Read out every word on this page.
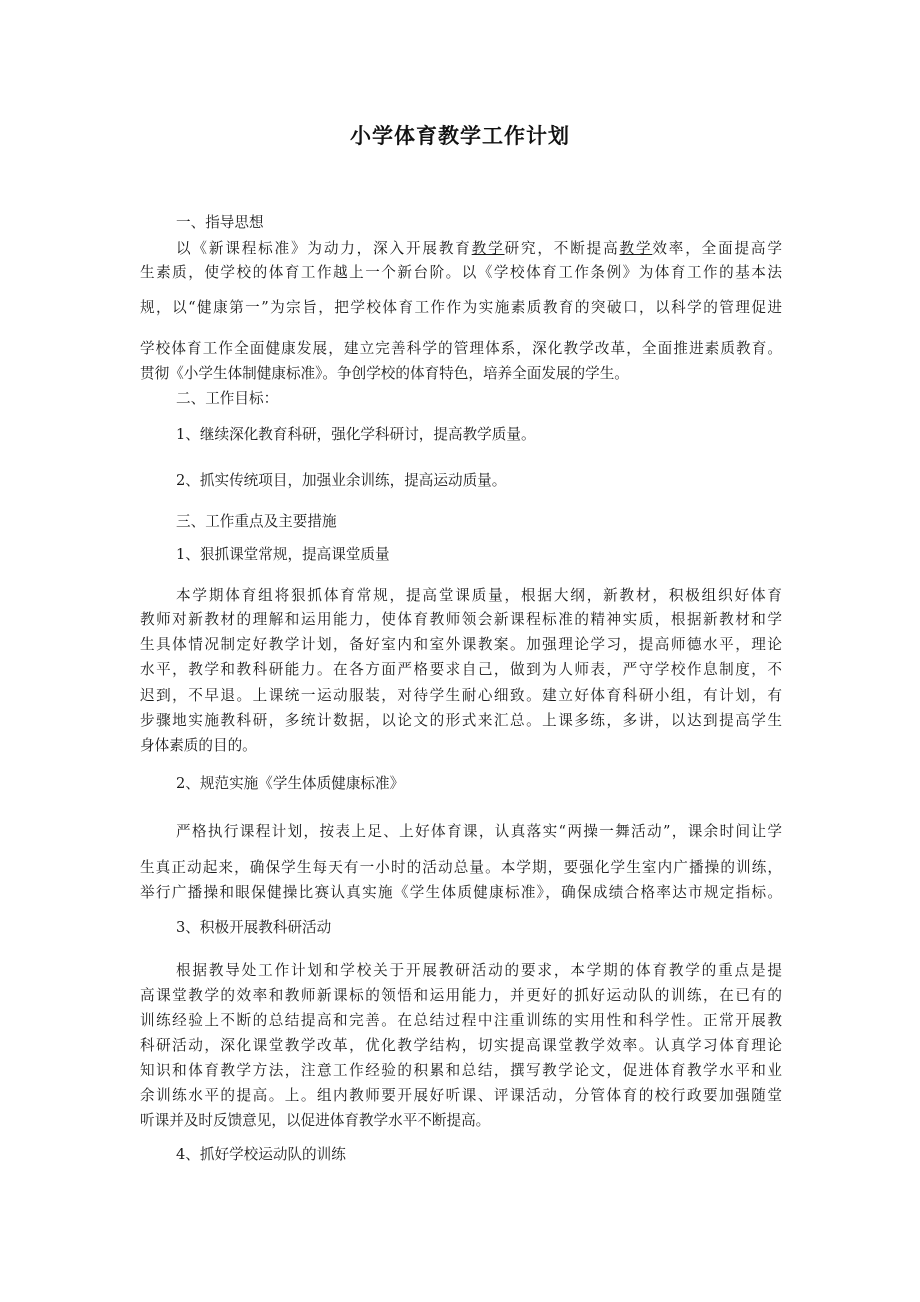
小学体育教学工作计划
一、指导思想
以《新课程标准》为动力，深入开展教育教学研究，不断提高教学效率，全面提高学
生素质，使学校的体育工作越上一个新台阶。以《学校体育工作条例》为体育工作的基本法
规，以“健康第一”为宗旨，把学校体育工作作为实施素质教育的突破口，以科学的管理促进
学校体育工作全面健康发展，建立完善科学的管理体系，深化教学改革，全面推进素质教育。
贯彻《小学生体制健康标准》。争创学校的体育特色，培养全面发展的学生。
二、工作目标：
1、继续深化教育科研，强化学科研讨，提高教学质量。
2、抓实传统项目，加强业余训练，提高运动质量。
三、工作重点及主要措施
1、狠抓课堂常规，提高课堂质量
本学期体育组将狠抓体育常规，提高堂课质量，根据大纲，新教材，积极组织好体育
教师对新教材的理解和运用能力，使体育教师领会新课程标准的精神实质，根据新教材和学
生具体情况制定好教学计划，备好室内和室外课教案。加强理论学习，提高师德水平，理论
水平，教学和教科研能力。在各方面严格要求自己，做到为人师表，严守学校作息制度，不
迟到，不早退。上课统一运动服装，对待学生耐心细致。建立好体育科研小组，有计划，有
步骤地实施教科研，多统计数据，以论文的形式来汇总。上课多练，多讲，以达到提高学生
身体素质的目的。
2、规范实施《学生体质健康标准》
严格执行课程计划，按表上足、上好体育课，认真落实“两操一舞活动”，课余时间让学
生真正动起来，确保学生每天有一小时的活动总量。本学期，要强化学生室内广播操的训练，
举行广播操和眼保健操比赛认真实施《学生体质健康标准》，确保成绩合格率达市规定指标。
3、积极开展教科研活动
根据教导处工作计划和学校关于开展教研活动的要求，本学期的体育教学的重点是提
高课堂教学的效率和教师新课标的领悟和运用能力，并更好的抓好运动队的训练，在已有的
训练经验上不断的总结提高和完善。在总结过程中注重训练的实用性和科学性。正常开展教
科研活动，深化课堂教学改革，优化教学结构，切实提高课堂教学效率。认真学习体育理论
知识和体育教学方法，注意工作经验的积累和总结，撰写教学论文，促进体育教学水平和业
余训练水平的提高。上。组内教师要开展好听课、评课活动，分管体育的校行政要加强随堂
听课并及时反馈意见，以促进体育教学水平不断提高。
4、抓好学校运动队的训练
